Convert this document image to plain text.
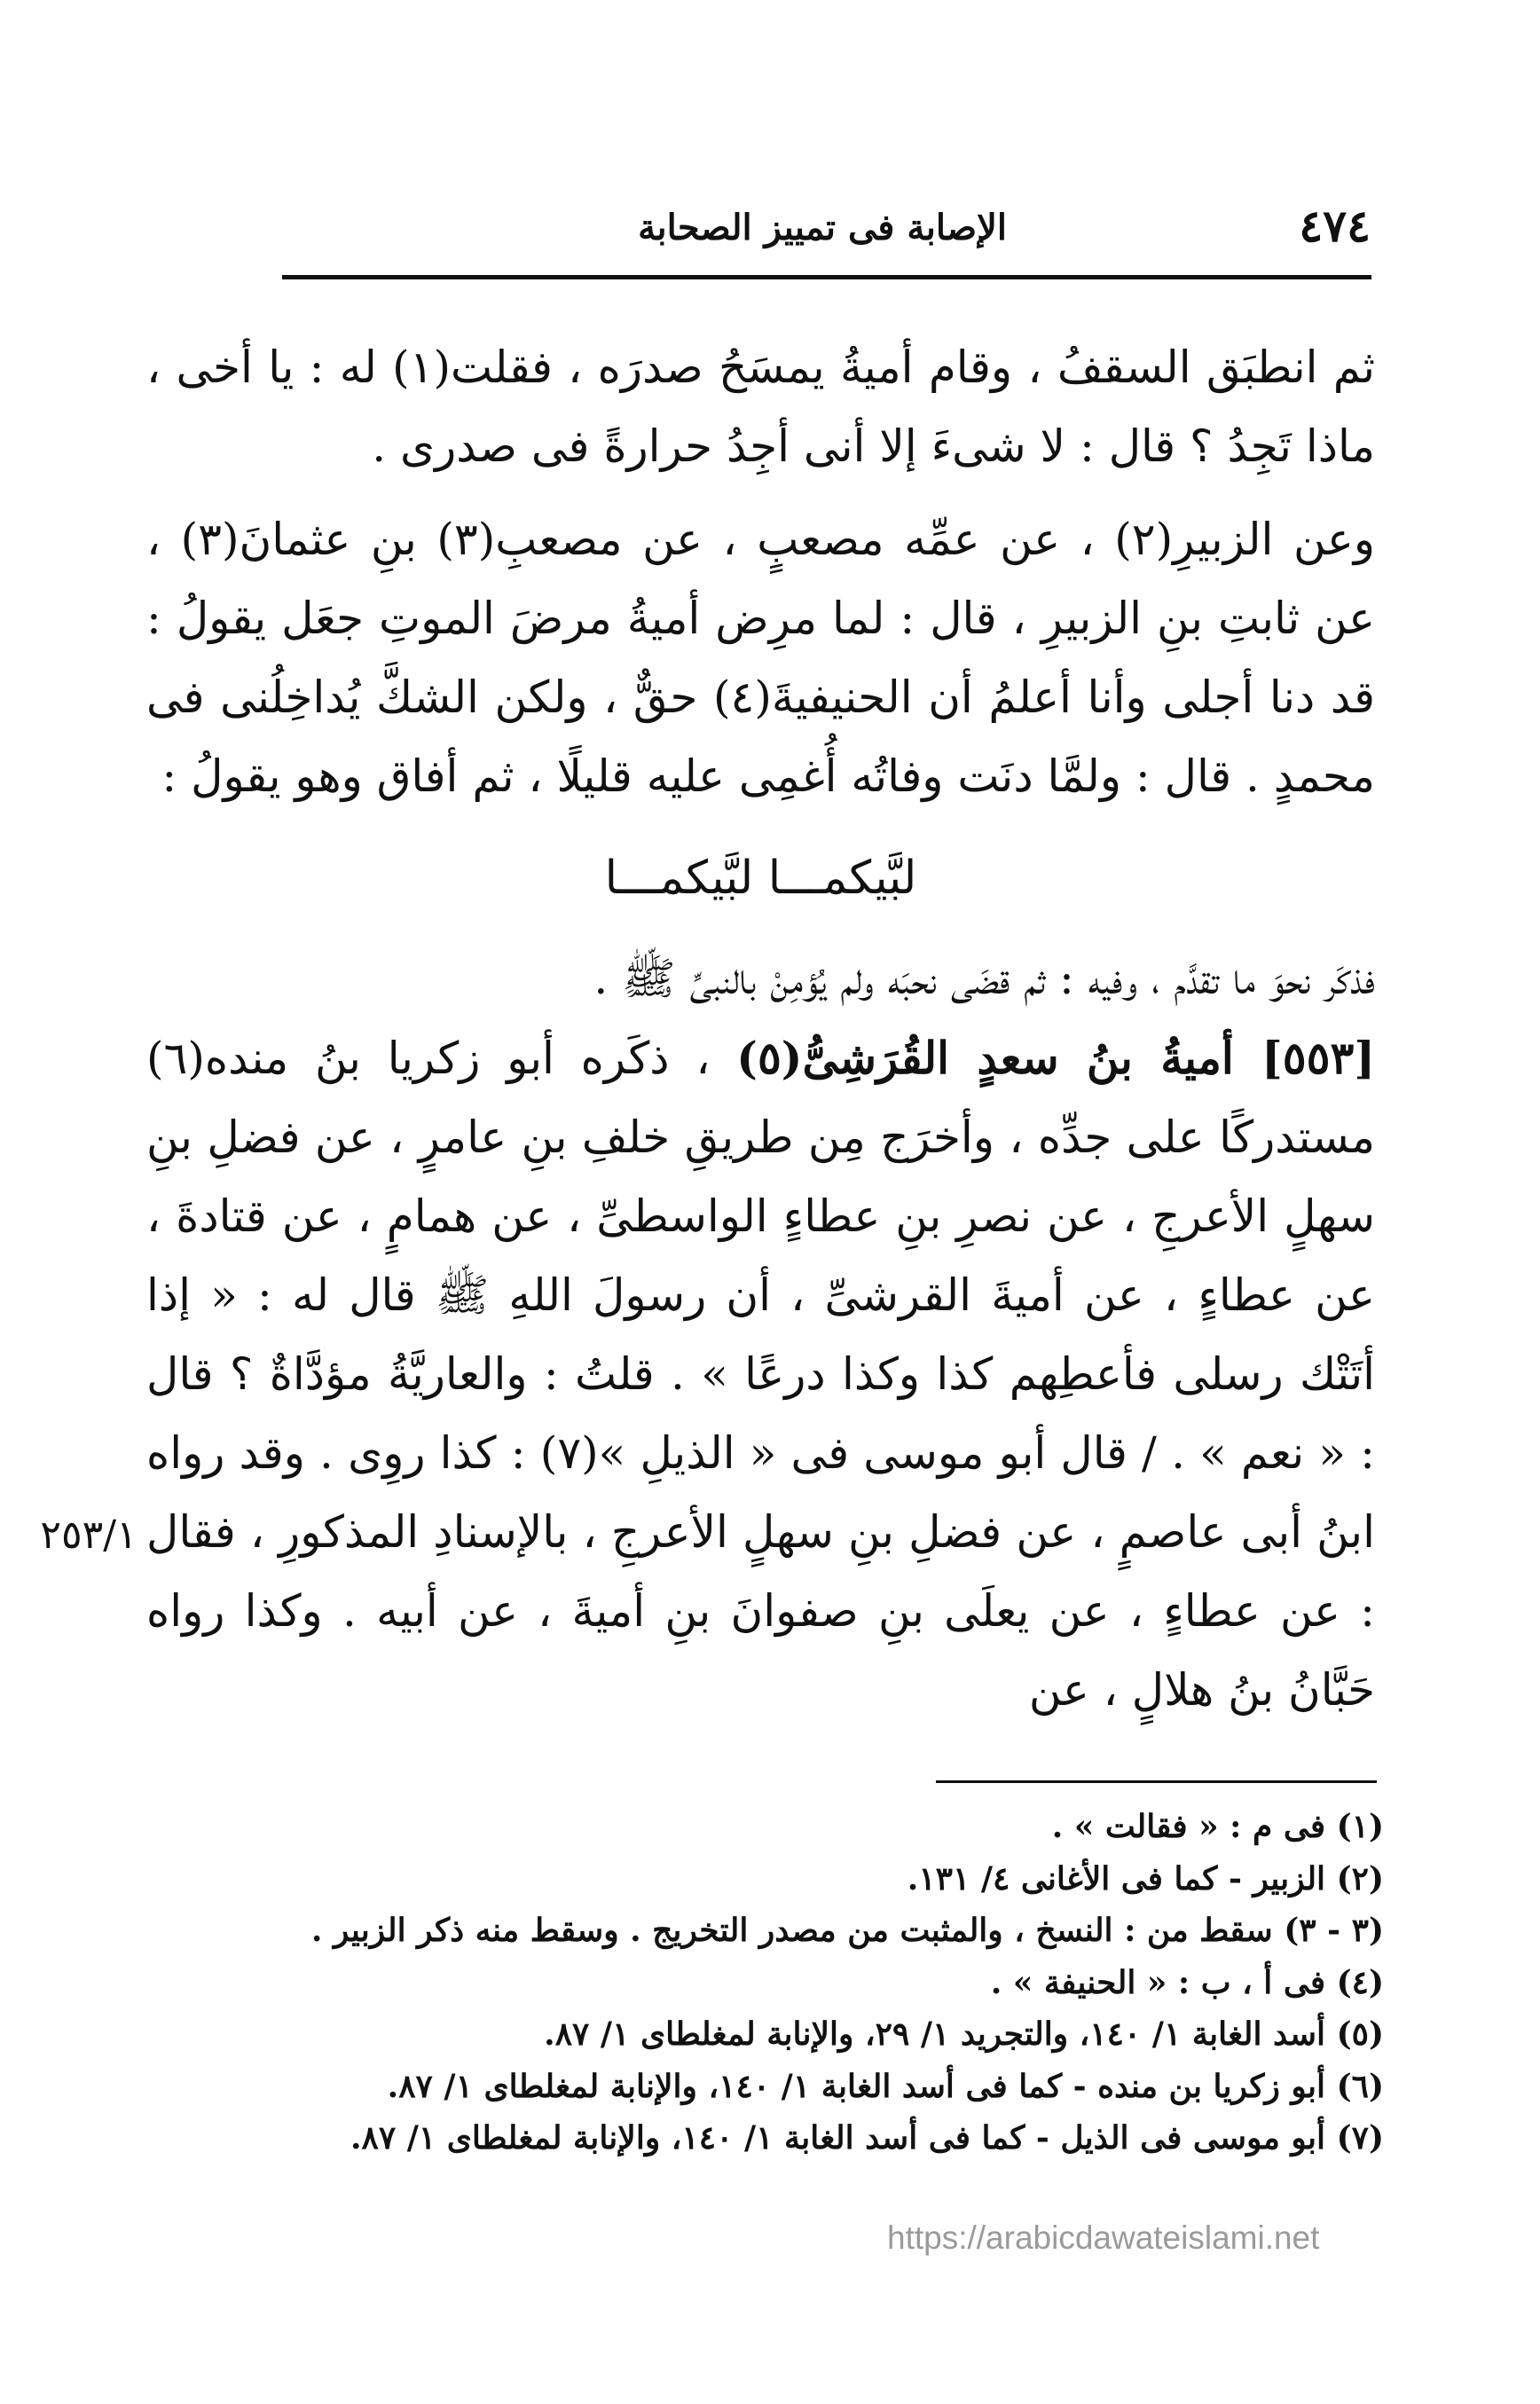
٤٧٤
الإصابة فى تمييز الصحابة

ثم انطبَق السقفُ ، وقام أميةُ يمسَحُ صدرَه ، فقلت(١) له : يا أخى ، ماذا تَجِدُ ؟ قال : لا شىءَ إلا أنى أجِدُ حرارةً فى صدرى .

وعن الزبيرِ(٢) ، عن عمِّه مصعبٍ ، عن مصعبِ(٣) بنِ عثمانَ(٣) ، عن ثابتِ بنِ الزبيرِ ، قال : لما مرِض أميةُ مرضَ الموتِ جعَل يقولُ : قد دنا أجلى وأنا أعلمُ أن الحنيفيةَ(٤) حقٌّ ، ولكن الشكَّ يُداخِلُنى فى محمدٍ . قال : ولمَّا دنَت وفاتُه أُغمِى عليه قليلًا ، ثم أفاق وهو يقولُ :

لبَّيكمـــا لبَّيكمـــا

فذكَر نحوَ ما تقدَّم ، وفيه : ثم قضَى نحبَه ولم يُؤمِنْ بالنبىِّ ﷺ .

[٥٥٣] أميةُ بنُ سعدٍ القُرَشِىُّ(٥) ، ذكَره أبو زكريا بنُ منده(٦) مستدركًا على جدِّه ، وأخرَج مِن طريقِ خلفِ بنِ عامرٍ ، عن فضلِ بنِ سهلٍ الأعرجِ ، عن نصرِ بنِ عطاءٍ الواسطىِّ ، عن همامٍ ، عن قتادةَ ، عن عطاءٍ ، عن أميةَ القرشىِّ ، أن رسولَ اللهِ ﷺ قال له : « إذا أتَتْك رسلى فأعطِهم كذا وكذا درعًا » . قلتُ : والعاريَّةُ مؤدَّاةٌ ؟ قال : « نعم » . / قال أبو موسى فى « الذيلِ »(٧) : كذا روِى . وقد رواه ابنُ أبى عاصمٍ ، عن فضلِ بنِ سهلٍ الأعرجِ ، بالإسنادِ المذكورِ ، فقال : عن عطاءٍ ، عن يعلَى بنِ صفوانَ بنِ أميةَ ، عن أبيه . وكذا رواه حَبَّانُ بنُ هلالٍ ، عن

٢٥٣/١

(١) فى م : « فقالت » .

(٢) الزبير - كما فى الأغانى ٤/ ١٣١.

(٣ - ٣) سقط من : النسخ ، والمثبت من مصدر التخريج . وسقط منه ذكر الزبير .

(٤) فى أ ، ب : « الحنيفة » .

(٥) أسد الغابة ١/ ١٤٠، والتجريد ١/ ٢٩، والإنابة لمغلطاى ١/ ٨٧.

(٦) أبو زكريا بن منده - كما فى أسد الغابة ١/ ١٤٠، والإنابة لمغلطاى ١/ ٨٧.

(٧) أبو موسى فى الذيل - كما فى أسد الغابة ١/ ١٤٠، والإنابة لمغلطاى ١/ ٨٧.

https://arabicdawateislami.net
